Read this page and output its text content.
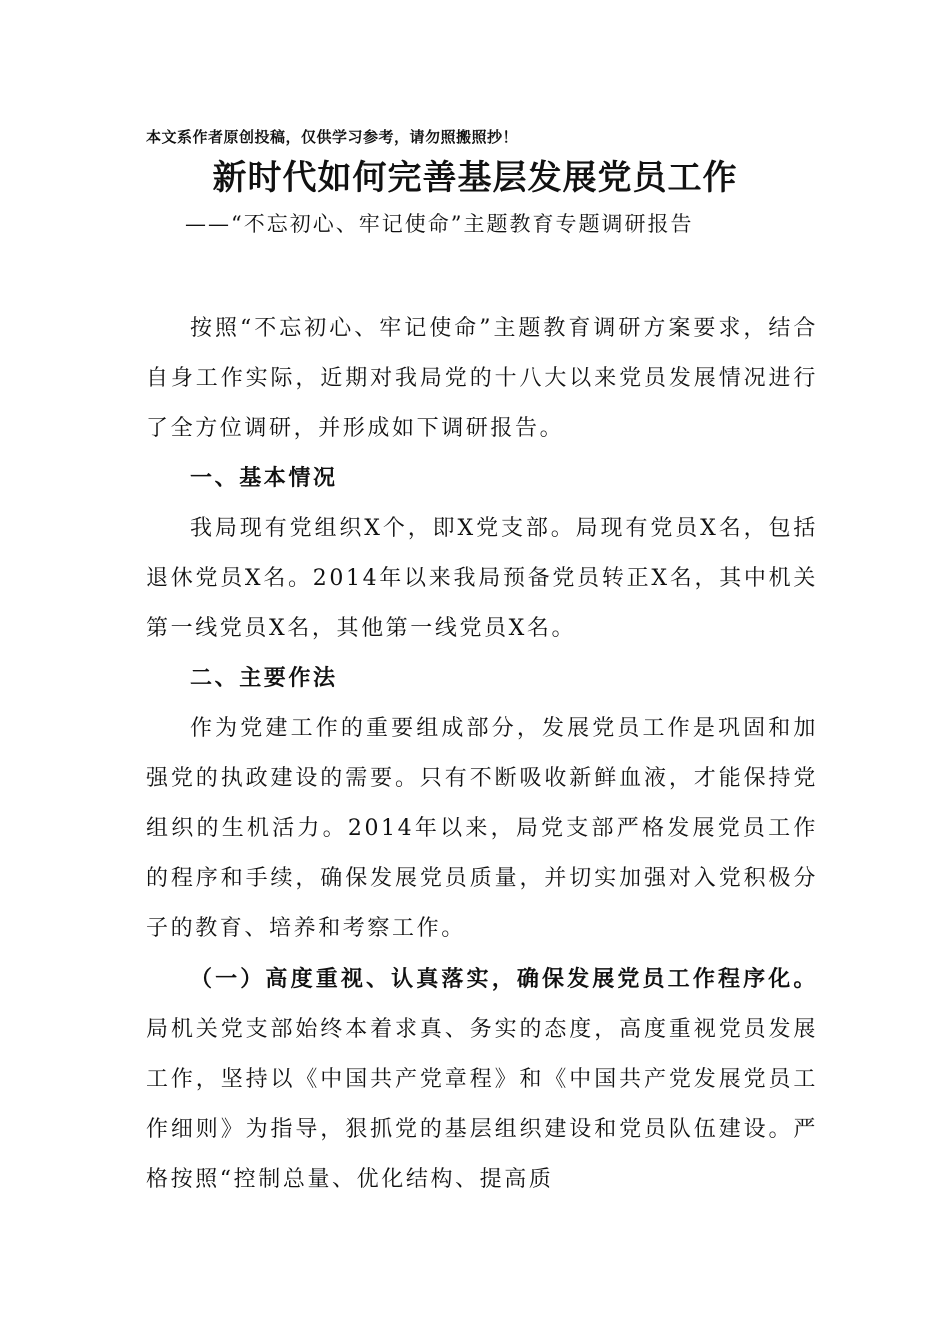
本文系作者原创投稿，仅供学习参考，请勿照搬照抄！
新时代如何完善基层发展党员工作
——“不忘初心、牢记使命”主题教育专题调研报告

按照“不忘初心、牢记使命”主题教育调研方案要求，结合自身工作实际，近期对我局党的十八大以来党员发展情况进行了全方位调研，并形成如下调研报告。

一、基本情况

我局现有党组织X个，即X党支部。局现有党员X名，包括退休党员X名。2014年以来我局预备党员转正X名，其中机关第一线党员X名，其他第一线党员X名。

二、主要作法

作为党建工作的重要组成部分，发展党员工作是巩固和加强党的执政建设的需要。只有不断吸收新鲜血液，才能保持党组织的生机活力。2014年以来，局党支部严格发展党员工作的程序和手续，确保发展党员质量，并切实加强对入党积极分子的教育、培养和考察工作。

（一）高度重视、认真落实，确保发展党员工作程序化。局机关党支部始终本着求真、务实的态度，高度重视党员发展工作，坚持以《中国共产党章程》和《中国共产党发展党员工作细则》为指导，狠抓党的基层组织建设和党员队伍建设。严格按照“控制总量、优化结构、提高质
